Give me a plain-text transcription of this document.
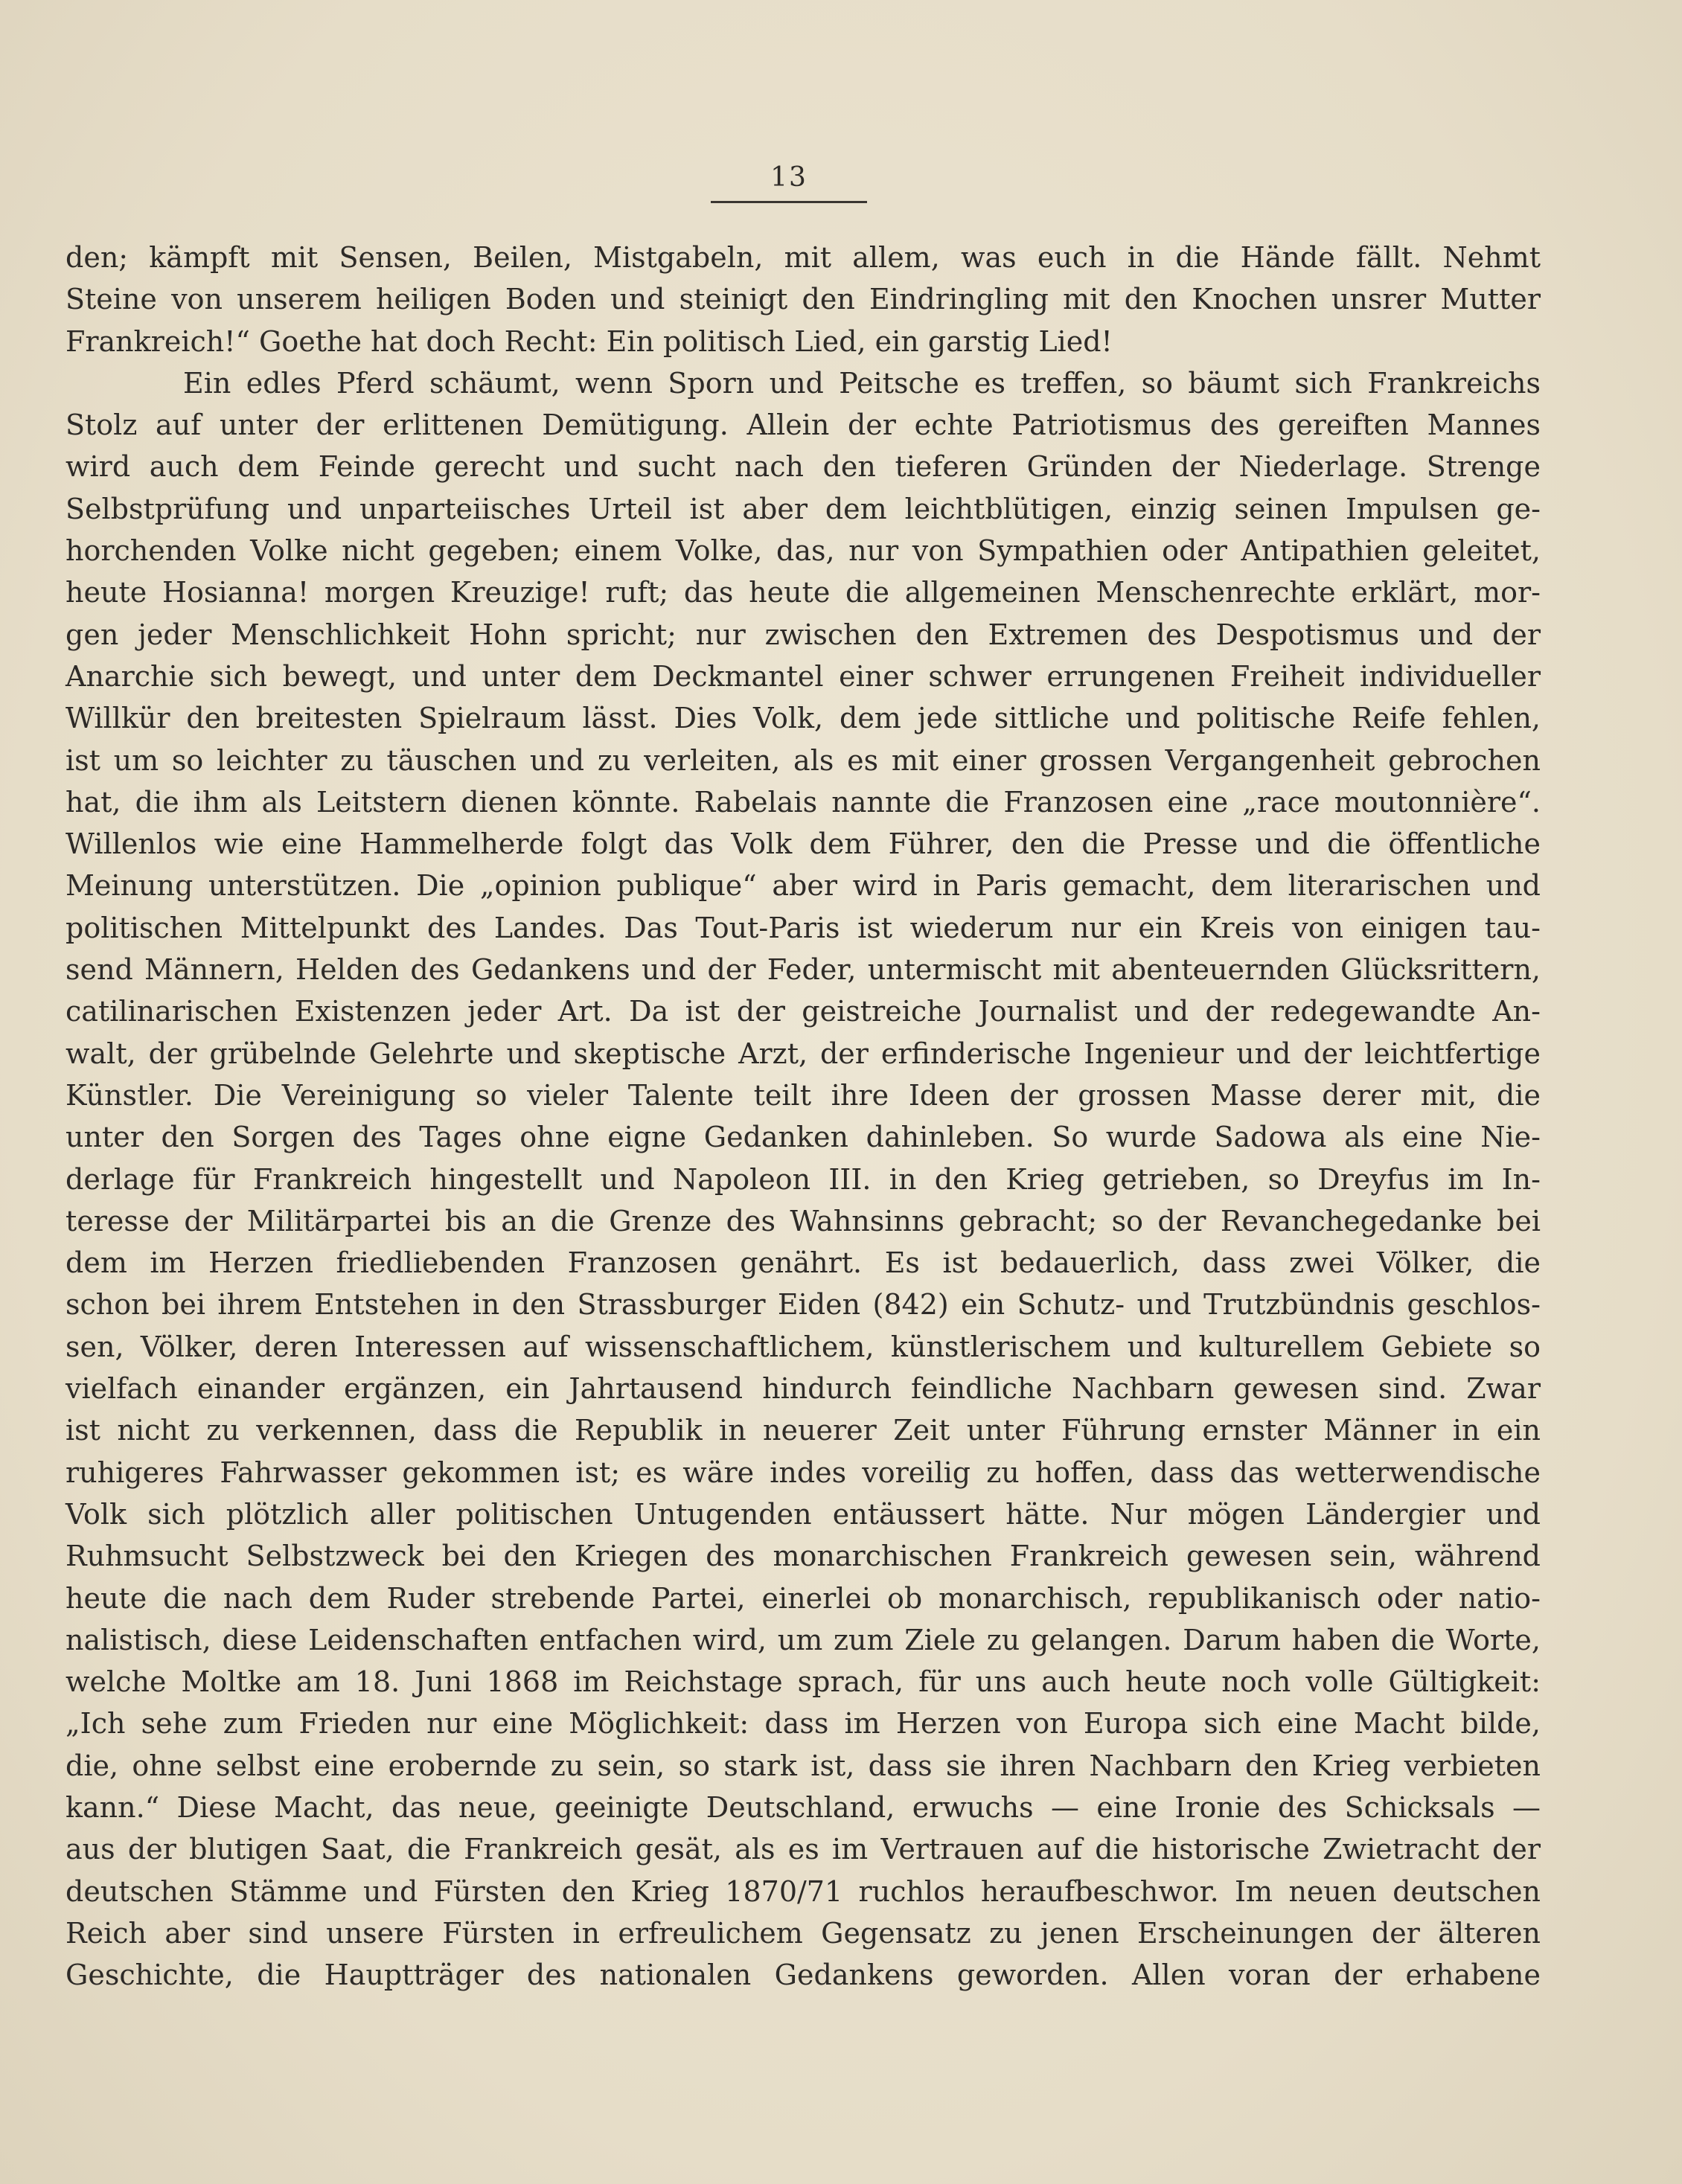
13
den; kämpft mit Sensen, Beilen, Mistgabeln, mit allem, was euch in die Hände fällt. Nehmt
Steine von unserem heiligen Boden und steinigt den Eindringling mit den Knochen unsrer Mutter
Frankreich!“ Goethe hat doch Recht: Ein politisch Lied, ein garstig Lied!
Ein edles Pferd schäumt, wenn Sporn und Peitsche es treffen, so bäumt sich Frankreichs
Stolz auf unter der erlittenen Demütigung. Allein der echte Patriotismus des gereiften Mannes
wird auch dem Feinde gerecht und sucht nach den tieferen Gründen der Niederlage. Strenge
Selbstprüfung und unparteiisches Urteil ist aber dem leichtblütigen, einzig seinen Impulsen ge-
horchenden Volke nicht gegeben; einem Volke, das, nur von Sympathien oder Antipathien geleitet,
heute Hosianna! morgen Kreuzige! ruft; das heute die allgemeinen Menschenrechte erklärt, mor-
gen jeder Menschlichkeit Hohn spricht; nur zwischen den Extremen des Despotismus und der
Anarchie sich bewegt, und unter dem Deckmantel einer schwer errungenen Freiheit individueller
Willkür den breitesten Spielraum lässt. Dies Volk, dem jede sittliche und politische Reife fehlen,
ist um so leichter zu täuschen und zu verleiten, als es mit einer grossen Vergangenheit gebrochen
hat, die ihm als Leitstern dienen könnte. Rabelais nannte die Franzosen eine „race moutonnière“.
Willenlos wie eine Hammelherde folgt das Volk dem Führer, den die Presse und die öffentliche
Meinung unterstützen. Die „opinion publique“ aber wird in Paris gemacht, dem literarischen und
politischen Mittelpunkt des Landes. Das Tout-Paris ist wiederum nur ein Kreis von einigen tau-
send Männern, Helden des Gedankens und der Feder, untermischt mit abenteuernden Glücksrittern,
catilinarischen Existenzen jeder Art. Da ist der geistreiche Journalist und der redegewandte An-
walt, der grübelnde Gelehrte und skeptische Arzt, der erfinderische Ingenieur und der leichtfertige
Künstler. Die Vereinigung so vieler Talente teilt ihre Ideen der grossen Masse derer mit, die
unter den Sorgen des Tages ohne eigne Gedanken dahinleben. So wurde Sadowa als eine Nie-
derlage für Frankreich hingestellt und Napoleon III. in den Krieg getrieben, so Dreyfus im In-
teresse der Militärpartei bis an die Grenze des Wahnsinns gebracht; so der Revanchegedanke bei
dem im Herzen friedliebenden Franzosen genährt. Es ist bedauerlich, dass zwei Völker, die
schon bei ihrem Entstehen in den Strassburger Eiden (842) ein Schutz- und Trutzbündnis geschlos-
sen, Völker, deren Interessen auf wissenschaftlichem, künstlerischem und kulturellem Gebiete so
vielfach einander ergänzen, ein Jahrtausend hindurch feindliche Nachbarn gewesen sind. Zwar
ist nicht zu verkennen, dass die Republik in neuerer Zeit unter Führung ernster Männer in ein
ruhigeres Fahrwasser gekommen ist; es wäre indes voreilig zu hoffen, dass das wetterwendische
Volk sich plötzlich aller politischen Untugenden entäussert hätte. Nur mögen Ländergier und
Ruhmsucht Selbstzweck bei den Kriegen des monarchischen Frankreich gewesen sein, während
heute die nach dem Ruder strebende Partei, einerlei ob monarchisch, republikanisch oder natio-
nalistisch, diese Leidenschaften entfachen wird, um zum Ziele zu gelangen. Darum haben die Worte,
welche Moltke am 18. Juni 1868 im Reichstage sprach, für uns auch heute noch volle Gültigkeit:
„Ich sehe zum Frieden nur eine Möglichkeit: dass im Herzen von Europa sich eine Macht bilde,
die, ohne selbst eine erobernde zu sein, so stark ist, dass sie ihren Nachbarn den Krieg verbieten
kann.“ Diese Macht, das neue, geeinigte Deutschland, erwuchs — eine Ironie des Schicksals —
aus der blutigen Saat, die Frankreich gesät, als es im Vertrauen auf die historische Zwietracht der
deutschen Stämme und Fürsten den Krieg 1870/71 ruchlos heraufbeschwor. Im neuen deutschen
Reich aber sind unsere Fürsten in erfreulichem Gegensatz zu jenen Erscheinungen der älteren
Geschichte, die Hauptträger des nationalen Gedankens geworden. Allen voran der erhabene
